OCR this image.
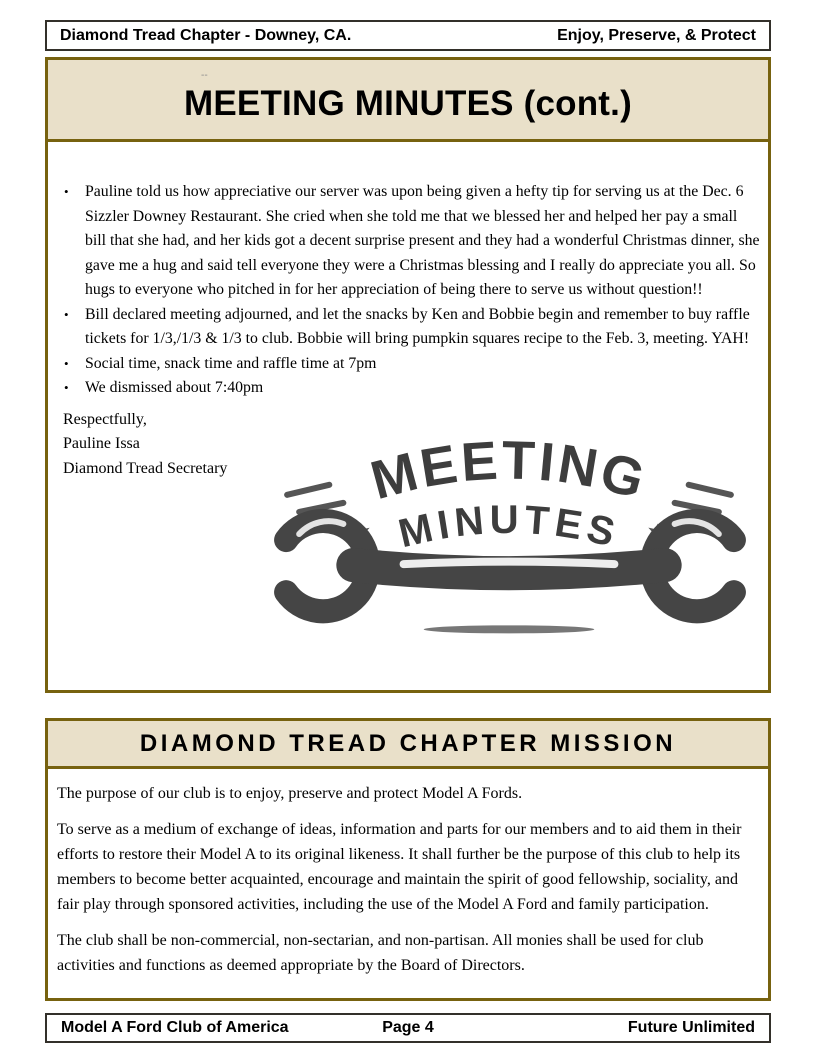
Diamond Tread Chapter - Downey, CA.	Enjoy, Preserve, & Protect
--
MEETING MINUTES (cont.)
• Pauline told us how appreciative our server was upon being given a hefty tip for serving us at the Dec. 6 Sizzler Downey Restaurant. She cried when she told me that we blessed her and helped her pay a small bill that she had, and her kids got a decent surprise present and they had a wonderful Christmas dinner, she gave me a hug and said tell everyone they were a Christmas blessing and I really do appreciate you all. So hugs to everyone who pitched in for her appreciation of being there to serve us without question!!
• Bill declared meeting adjourned, and let the snacks by Ken and Bobbie begin and remember to buy raffle tickets for 1/3,/1/3 & 1/3 to club. Bobbie will bring pumpkin squares recipe to the Feb. 3, meeting. YAH!
• Social time, snack time and raffle time at 7pm
• We dismissed about 7:40pm
Respectfully,
Pauline Issa
Diamond Tread Secretary	MEETING
MINUTES
★	★
DIAMOND TREAD CHAPTER MISSION

The purpose of our club is to enjoy, preserve and protect Model A Fords.

To serve as a medium of exchange of ideas, information and parts for our members and to aid them in their efforts to restore their Model A to its original likeness. It shall further be the purpose of this club to help its members to become better acquainted, encourage and maintain the spirit of good fellowship, sociality, and fair play through sponsored activities, including the use of the Model A Ford and family participation.

The club shall be non-commercial, non-sectarian, and non-partisan. All monies shall be used for club activities and functions as deemed appropriate by the Board of Directors.

Model A Ford Club of America	Page 4	Future Unlimited
